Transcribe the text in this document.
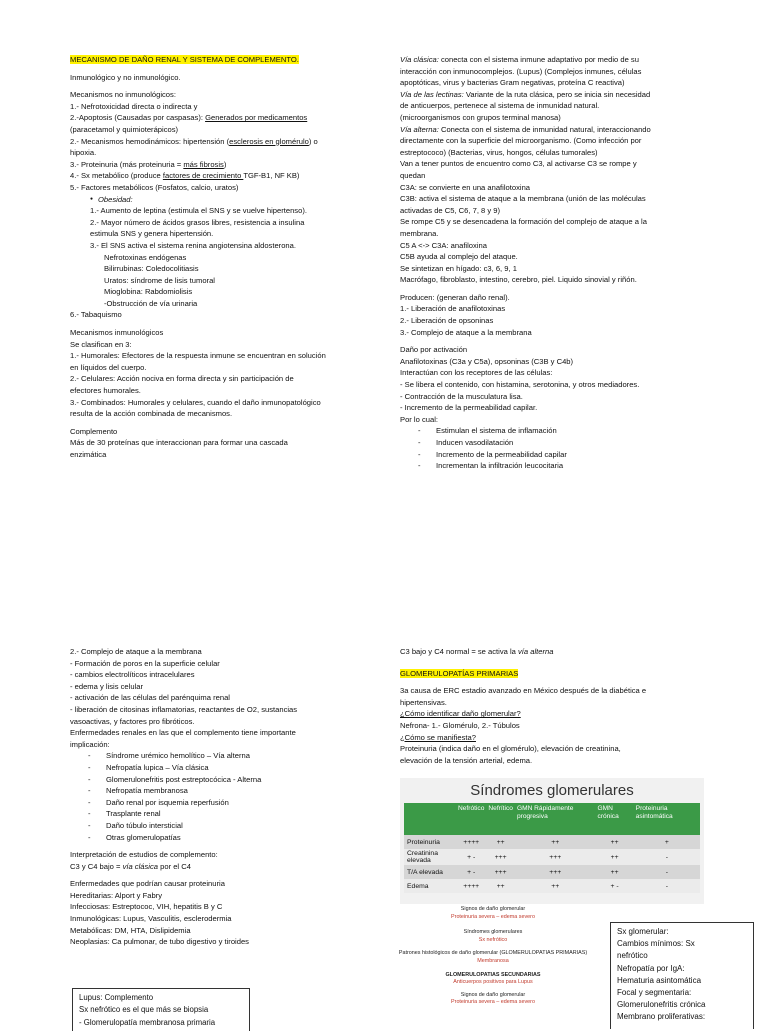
MECANISMO DE DAÑO RENAL Y SISTEMA DE COMPLEMENTO.

Inmunológico y no inmunológico.

Mecanismos no inmunológicos:

1.- Nefrotoxicidad directa o indirecta y

2.-Apoptosis (Causadas por caspasas): Generados por medicamentos

(paracetamol y quimioterápicos)

2.- Mecanismos hemodinámicos: hipertensión (esclerosis en glomérulo) o

hipoxia.

3.- Proteinuria (más proteinuria = más fibrosis)

4.- Sx metabólico (produce factores de crecimiento TGF-B1, NF KB)

5.- Factores metabólicos (Fosfatos, calcio, uratos)

● Obesidad:

1.- Aumento de leptina (estimula el SNS y se vuelve hipertenso).

2.- Mayor número de ácidos grasos libres, resistencia a insulina

estimula SNS y genera hipertensión.

3.- El SNS activa el sistema renina angiotensina aldosterona.

Nefrotoxinas endógenas

Bilirrubinas: Coledocolitiasis

Uratos: síndrome de lisis tumoral

Mioglobina: Rabdomiolisis

-Obstrucción de vía urinaria

6.- Tabaquismo

Mecanismos inmunológicos

Se clasifican en 3:

1.- Humorales: Efectores de la respuesta inmune se encuentran en solución

en líquidos del cuerpo.

2.- Celulares: Acción nociva en forma directa y sin participación de

efectores humorales.

3.- Combinados: Humorales y celulares, cuando el daño inmunopatológico

resulta de la acción combinada de mecanismos.

Complemento

Más de 30 proteínas que interaccionan para formar una cascada

enzimática

Vía clásica: conecta con el sistema inmune adaptativo por medio de su

interacción con inmunocomplejos. (Lupus) (Complejos inmunes, células

apoptóticas, virus y bacterias Gram negativas, proteína C reactiva)

Vía de las lectinas: Variante de la ruta clásica, pero se inicia sin necesidad

de anticuerpos, pertenece al sistema de inmunidad natural.

(microorganismos con grupos terminal manosa)

Vía alterna: Conecta con el sistema de inmunidad natural, interaccionando

directamente con la superficie del microorganismo. (Como infección por

estreptococo) (Bacterias, virus, hongos, células tumorales)

Van a tener puntos de encuentro como C3, al activarse C3 se rompe y

quedan

C3A: se convierte en una anafilotoxina

C3B: activa el sistema de ataque a la membrana (unión de las moléculas

activadas de C5, C6, 7, 8 y 9)

Se rompe C5 y se desencadena la formación del complejo de ataque a la

membrana.

C5 A <-> C3A: anafiloxina

C5B ayuda al complejo del ataque.

Se sintetizan en hígado: c3, 6, 9, 1

Macrófago, fibroblasto, intestino, cerebro, piel. Liquido sinovial y riñón.

Producen: (generan daño renal).

1.- Liberación de anafilotoxinas

2.- Liberación de opsoninas

3.- Complejo de ataque a la membrana

Daño por activación

Anafilotoxinas (C3a y C5a), opsoninas (C3B y C4b)

Interactúan con los receptores de las células:

- Se libera el contenido, con histamina, serotonina, y otros mediadores.

- Contracción de la musculatura lisa.

- Incremento de la permeabilidad capilar.

Por lo cual:

- Estimulan el sistema de inflamación

- Inducen vasodilatación

- Incremento de la permeabilidad capilar

- Incrementan la infiltración leucocitaria

2.- Complejo de ataque a la membrana

- Formación de poros en la superficie celular

- cambios electrolíticos intracelulares

- edema y lisis celular

- activación de las células del parénquima renal

- liberación de citosinas inflamatorias, reactantes de O2, sustancias

vasoactivas, y factores pro fibróticos.

Enfermedades renales en las que el complemento tiene importante

implicación:

- Síndrome urémico hemolítico – Vía alterna

- Nefropatía lupica – Vía clásica

- Glomerulonefritis post estreptocócica - Alterna

- Nefropatía membranosa

- Daño renal por isquemia reperfusión

- Trasplante renal

- Daño túbulo intersticial

- Otras glomerulopatías

Interpretación de estudios de complemento:

C3 y C4 bajo = vía clásica por el C4

Enfermedades que podrían causar proteinuria

Hereditarias: Alport y Fabry

Infecciosas: Estreptococ, VIH, hepatitis B y C

Inmunológicas: Lupus, Vasculitis, esclerodermia

Metabólicas: DM, HTA, Dislipidemia

Neoplasias: Ca pulmonar, de tubo digestivo y tiroides

Lupus: Complemento

Sx nefrótico es el que más se biopsia

- Glomerulopatía membranosa primaria

C3 bajo y C4 normal = se activa la vía alterna

GLOMERULOPATÍAS PRIMARIAS

3a causa de ERC estadio avanzado en México después de la diabética e

hipertensivas.

¿Cómo identificar daño glomerular?

Nefrona- 1.- Glomérulo, 2.- Túbulos

¿Cómo se manifiesta?

Proteinuria (indica daño en el glomérulo), elevación de creatinina,

elevación de la tensión arterial, edema.

Síndromes glomerulares
	Nefrótico	Nefrítico	GMN Rápidamente progresiva	GMN crónica	Proteinuria asintomática
Proteinuria	++++	++	++	++	+
Creatinina elevada	+ -	+++	+++	++	-
T/A elevada	+ -	+++	+++	++	-
Edema	++++	++	++	+ -	-
Signos de daño glomerular
Proteinuria severa – edema severo
Síndromes glomerulares
Sx nefrótico
Patrones histológicos de daño glomerular (GLOMERULOPATIAS PRIMARIAS)
Membranosa
GLOMERULOPATIAS SECUNDARIAS
Anticuerpos positivos para Lupus
Signos de daño glomerular
Proteinuria severa – edema severo

Sx glomerular:

Cambios mínimos: Sx

nefrótico

Nefropatía por IgA:

Hematuria asintomática

Focal y segmentaria:

Glomerulonefritis crónica

Membrano proliferativas:
